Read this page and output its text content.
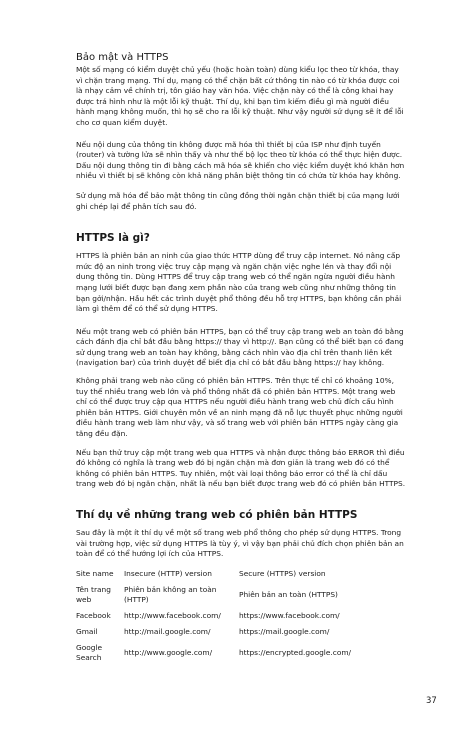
Bảo mật và HTTPS

Một số mạng có kiểm duyệt chủ yếu (hoặc hoàn toàn) dùng kiểu lọc theo từ khóa, thay vì chặn trang mạng. Thí dụ, mạng có thể chặn bất cứ thông tin nào có từ khóa được coi là nhạy cảm về chính trị, tôn giáo hay văn hóa. Việc chặn này có thể là công khai hay được trá hình như là một lỗi kỹ thuật. Thí dụ, khi bạn tìm kiếm điều gì mà người điều hành mạng không muốn, thì họ sẽ cho ra lỗi kỹ thuật. Như vậy người sử dụng sẽ ít để lỗi cho cơ quan kiểm duyệt.

Nếu nội dung của thông tin không được mã hóa thì thiết bị của ISP như định tuyến (router) và tường lửa sẽ nhìn thấy và như thế bộ lọc theo từ khóa có thể thực hiện được. Dấu nội dung thông tin đi bằng cách mã hóa sẽ khiến cho việc kiểm duyệt khó khăn hơn nhiều vì thiết bị sẽ không còn khả năng phân biệt thông tin có chứa từ khóa hay không.

Sử dụng mã hóa để bảo mật thông tin cũng đồng thời ngăn chặn thiết bị của mạng lưới ghi chép lại để phân tích sau đó.

HTTPS là gì?

HTTPS là phiên bản an ninh của giao thức HTTP dùng để truy cập internet. Nó nâng cấp mức độ an ninh trong việc truy cập mạng và ngăn chặn việc nghe lén và thay đổi nội dung thông tin. Dùng HTTPS để truy cập trang web có thể ngăn ngừa người điều hành mạng lưới biết được bạn đang xem phần nào của trang web cũng như những thông tin bạn gởi/nhận. Hầu hết các trình duyệt phổ thông đều hỗ trợ HTTPS, bạn không cần phải làm gì thêm để có thể sử dụng HTTPS.

Nếu một trang web có phiên bản HTTPS, bạn có thể truy cập trang web an toàn đó bằng cách đánh địa chỉ bắt đầu bằng https:// thay vì http://. Bạn cũng có thể biết bạn có đang sử dụng trang web an toàn hay không, bằng cách nhìn vào địa chỉ trên thanh liên kết (navigation bar) của trình duyệt để biết địa chỉ có bắt đầu bằng https:// hay không.

Không phải trang web nào cũng có phiên bản HTTPS. Trên thực tế chỉ có khoảng 10%, tuy thế nhiều trang web lớn và phổ thông nhất đã có phiên bản HTTPS. Một trang web chỉ có thể được truy cập qua HTTPS nếu người điều hành trang web chủ đích cấu hình phiên bản HTTPS. Giới chuyên môn về an ninh mạng đã nỗ lực thuyết phục những người điều hành trang web làm như vậy, và số trang web với phiên bản HTTPS ngày càng gia tăng đều đặn.

Nếu bạn thử truy cập một trang web qua HTTPS và nhận được thông báo ERROR thì điều đó không có nghĩa là trang web đó bị ngăn chặn mà đơn giản là trang web đó có thể không có phiên bản HTTPS. Tuy nhiên, một vài loại thông báo error có thể là chỉ dấu trang web đó bị ngăn chặn, nhất là nếu bạn biết được trang web đó có phiên bản HTTPS.

Thí dụ về những trang web có phiên bản HTTPS

Sau đây là một ít thí dụ về một số trang web phổ thông cho phép sử dụng HTTPS. Trong vài trường hợp, việc sử dụng HTTPS là tùy ý, vì vậy bạn phải chủ đích chọn phiên bản an toàn để có thể hướng lợi ích của HTTPS.

Site name	Insecure (HTTP) version	Secure (HTTPS) version
Tên trang web	Phiên bản không an toàn (HTTP)	Phiên bản an toàn (HTTPS)
Facebook	http://www.facebook.com/	https://www.facebook.com/
Gmail	http://mail.google.com/	https://mail.google.com/
Google Search	http://www.google.com/	https://encrypted.google.com/
37
